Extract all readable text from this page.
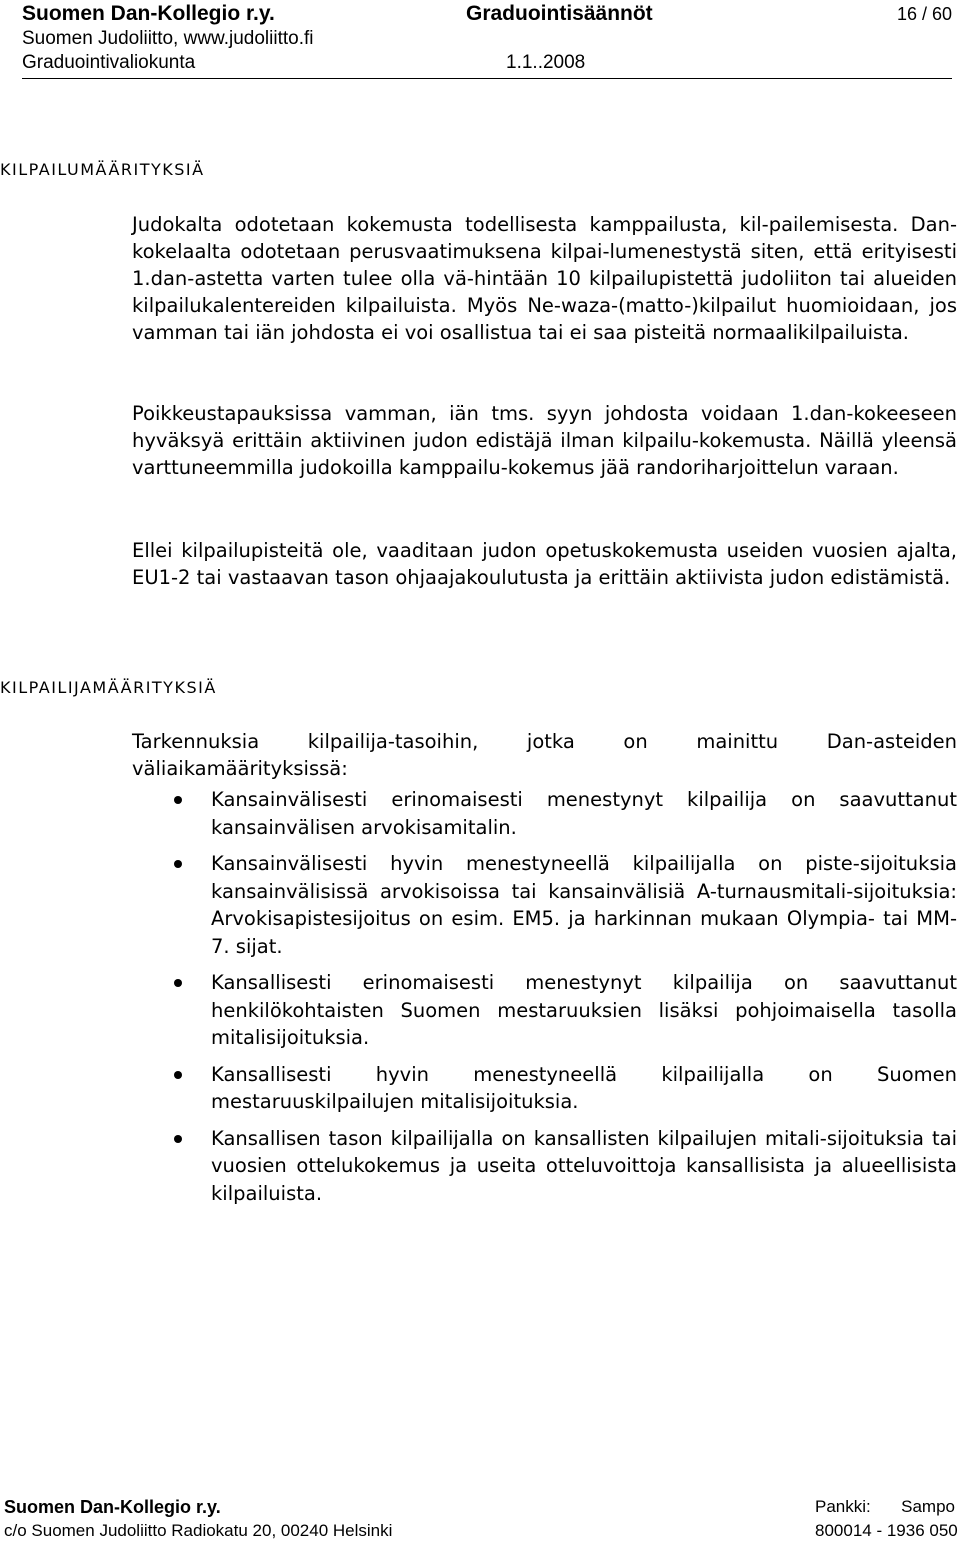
Suomen Dan-Kollegio r.y.	Graduointisäännöt	16 / 60
Suomen Judoliitto, www.judoliitto.fi
Graduointivaliokunta	1.1..2008
KILPAILUMÄÄRITYKSIÄ

Judokalta odotetaan kokemusta todellisesta kamppailusta, kil-pailemisesta. Dan-kokelaalta odotetaan perusvaatimuksena kilpai-lumenestystä siten, että erityisesti 1.dan-astetta varten tulee olla vä-hintään 10 kilpailupistettä judoliiton tai alueiden kilpailukalentereiden kilpailuista. Myös Ne-waza-(matto-)kilpailut huomioidaan, jos vamman tai iän johdosta ei voi osallistua tai ei saa pisteitä normaalikilpailuista.

Poikkeustapauksissa vamman, iän tms. syyn johdosta voidaan 1.dan-kokeeseen hyväksyä erittäin aktiivinen judon edistäjä ilman kilpailu-kokemusta. Näillä yleensä varttuneemmilla judokoilla kamppailu-kokemus jää randoriharjoittelun varaan.

Ellei kilpailupisteitä ole, vaaditaan judon opetuskokemusta useiden vuosien ajalta, EU1-2 tai vastaavan tason ohjaajakoulutusta ja erittäin aktiivista judon edistämistä.

KILPAILIJAMÄÄRITYKSIÄ

Tarkennuksia kilpailija-tasoihin, jotka on mainittu Dan-asteiden väliaikamäärityksissä:

Kansainvälisesti erinomaisesti menestynyt kilpailija on saavuttanut kansainvälisen arvokisamitalin.
Kansainvälisesti hyvin menestyneellä kilpailijalla on piste-sijoituksia kansainvälisissä arvokisoissa tai kansainvälisiä A-turnausmitali-sijoituksia: Arvokisapistesijoitus on esim. EM5. ja harkinnan mukaan Olympia- tai MM-7. sijat.
Kansallisesti erinomaisesti menestynyt kilpailija on saavuttanut henkilökohtaisten Suomen mestaruuksien lisäksi pohjoimaisella tasolla mitalisijoituksia.
Kansallisesti hyvin menestyneellä kilpailijalla on Suomen mestaruuskilpailujen mitalisijoituksia.
Kansallisen tason kilpailijalla on kansallisten kilpailujen mitali-sijoituksia tai vuosien ottelukokemus ja useita otteluvoittoja kansallisista ja alueellisista kilpailuista.
Suomen Dan-Kollegio r.y.
c/o Suomen Judoliitto Radiokatu 20, 00240 Helsinki
Pankki: Sampo
800014 - 1936 050
